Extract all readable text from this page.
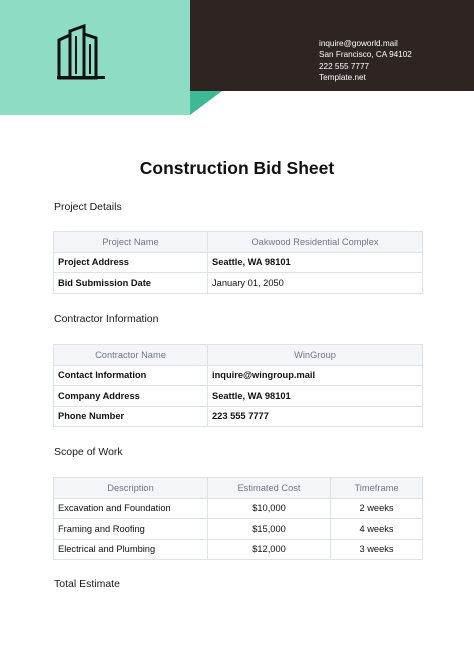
inquire@goworld.mail
San Francisco, CA 94102
222 555 7777
Template.net
Construction Bid Sheet
Project Details
Project Name	Oakwood Residential Complex
Project Address	Seattle, WA 98101
Bid Submission Date	January 01, 2050
Contractor Information
Contractor Name	WinGroup
Contact Information	inquire@wingroup.mail
Company Address	Seattle, WA 98101
Phone Number	223 555 7777
Scope of Work
Description	Estimated Cost	Timeframe
Excavation and Foundation	$10,000	2 weeks
Framing and Roofing	$15,000	4 weeks
Electrical and Plumbing	$12,000	3 weeks
Total Estimate
